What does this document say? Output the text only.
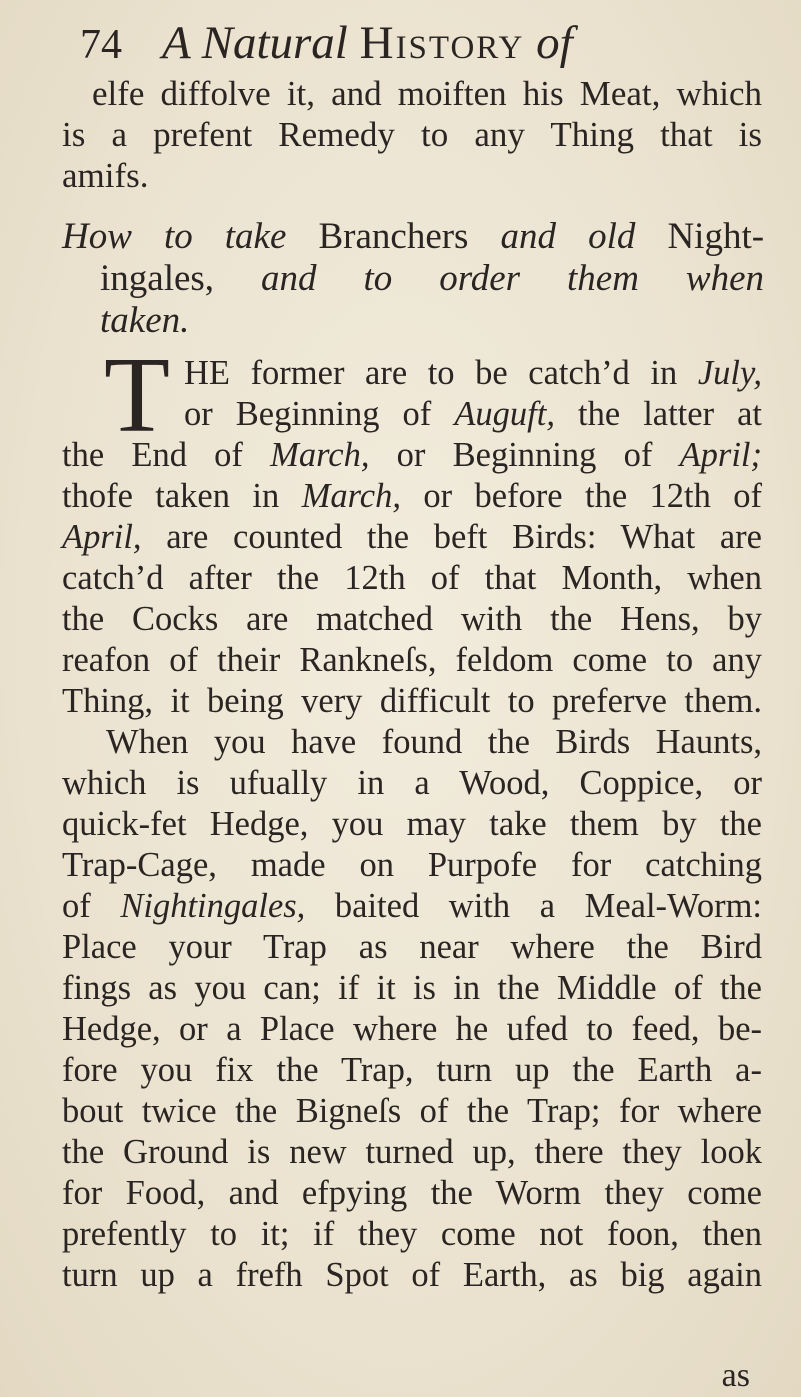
74 A Natural History of
elfe diffolve it, and moiften his Meat, which
is a prefent Remedy to any Thing that is
amifs.
How to take Branchers and old Night-
ingales, and to order them when
taken.
T HE former are to be catch’d in July,
or Beginning of Auguft, the latter at
the End of March, or Beginning of April;
thofe taken in March, or before the 12th of
April, are counted the beft Birds: What are
catch’d after the 12th of that Month, when
the Cocks are matched with the Hens, by
reafon of their Rankneſs, feldom come to any
Thing, it being very difficult to preferve them.
When you have found the Birds Haunts,
which is ufually in a Wood, Coppice, or
quick-fet Hedge, you may take them by the
Trap-Cage, made on Purpofe for catching
of Nightingales, baited with a Meal-Worm:
Place your Trap as near where the Bird
fings as you can; if it is in the Middle of the
Hedge, or a Place where he ufed to feed, be-
fore you fix the Trap, turn up the Earth a-
bout twice the Bigneſs of the Trap; for where
the Ground is new turned up, there they look
for Food, and efpying the Worm they come
prefently to it; if they come not foon, then
turn up a frefh Spot of Earth, as big again
as
